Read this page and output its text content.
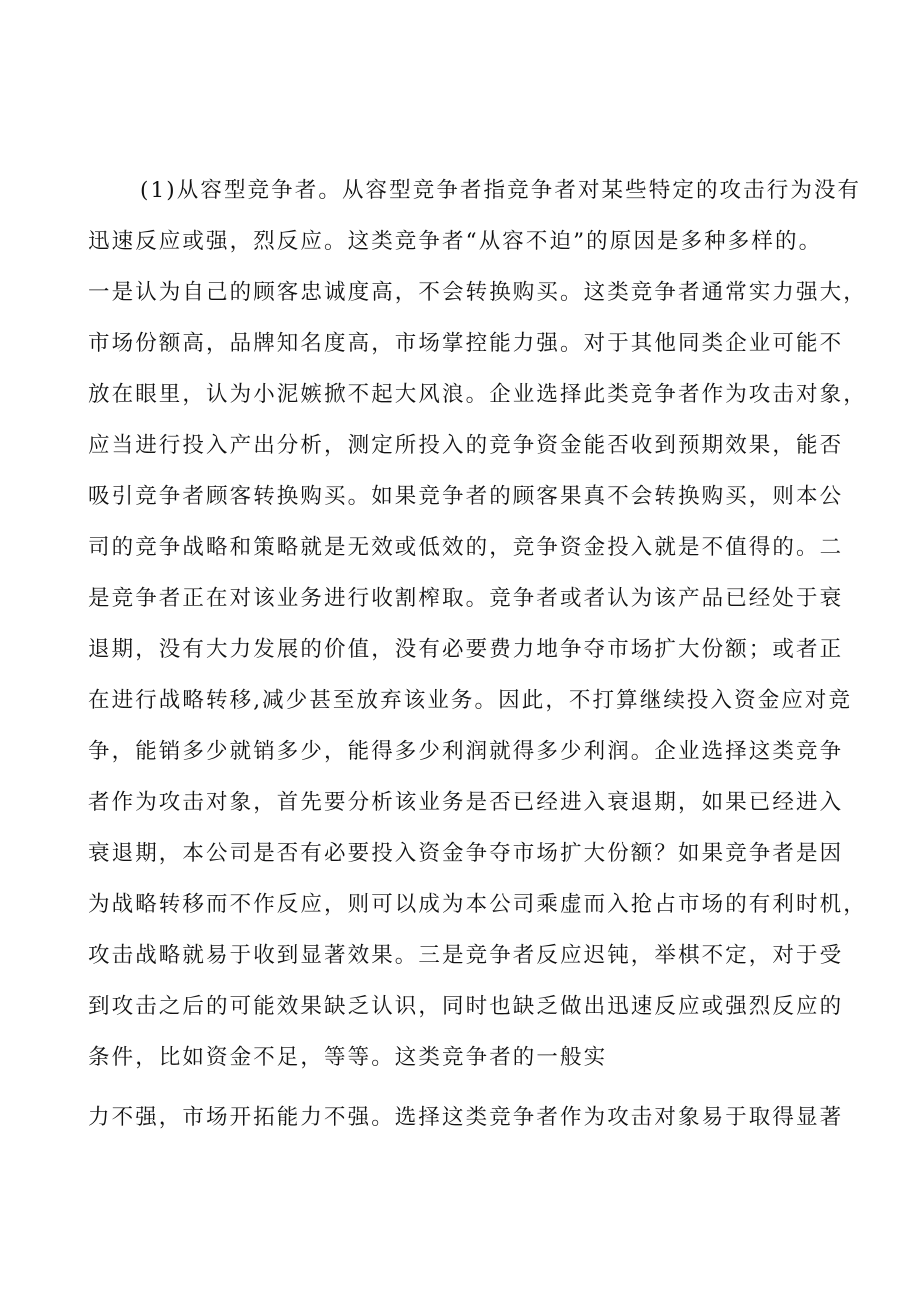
(1)从容型竞争者。从容型竞争者指竞争者对某些特定的攻击行为没有
迅速反应或强，烈反应。这类竞争者“从容不迫”的原因是多种多样的。
一是认为自己的顾客忠诚度高，不会转换购买。这类竞争者通常实力强大，
市场份额高，品牌知名度高，市场掌控能力强。对于其他同类企业可能不
放在眼里，认为小泥嫉掀不起大风浪。企业选择此类竞争者作为攻击对象，
应当进行投入产出分析，测定所投入的竞争资金能否收到预期效果，能否
吸引竞争者顾客转换购买。如果竞争者的顾客果真不会转换购买，则本公
司的竞争战略和策略就是无效或低效的，竞争资金投入就是不值得的。二
是竞争者正在对该业务进行收割榨取。竞争者或者认为该产品已经处于衰
退期，没有大力发展的价值，没有必要费力地争夺市场扩大份额；或者正
在进行战略转移,减少甚至放弃该业务。因此，不打算继续投入资金应对竞
争，能销多少就销多少，能得多少利润就得多少利润。企业选择这类竞争
者作为攻击对象，首先要分析该业务是否已经进入衰退期，如果已经进入
衰退期，本公司是否有必要投入资金争夺市场扩大份额？如果竞争者是因
为战略转移而不作反应，则可以成为本公司乘虚而入抢占市场的有利时机，
攻击战略就易于收到显著效果。三是竞争者反应迟钝，举棋不定，对于受
到攻击之后的可能效果缺乏认识，同时也缺乏做出迅速反应或强烈反应的
条件，比如资金不足，等等。这类竞争者的一般实
力不强，市场开拓能力不强。选择这类竞争者作为攻击对象易于取得显著
